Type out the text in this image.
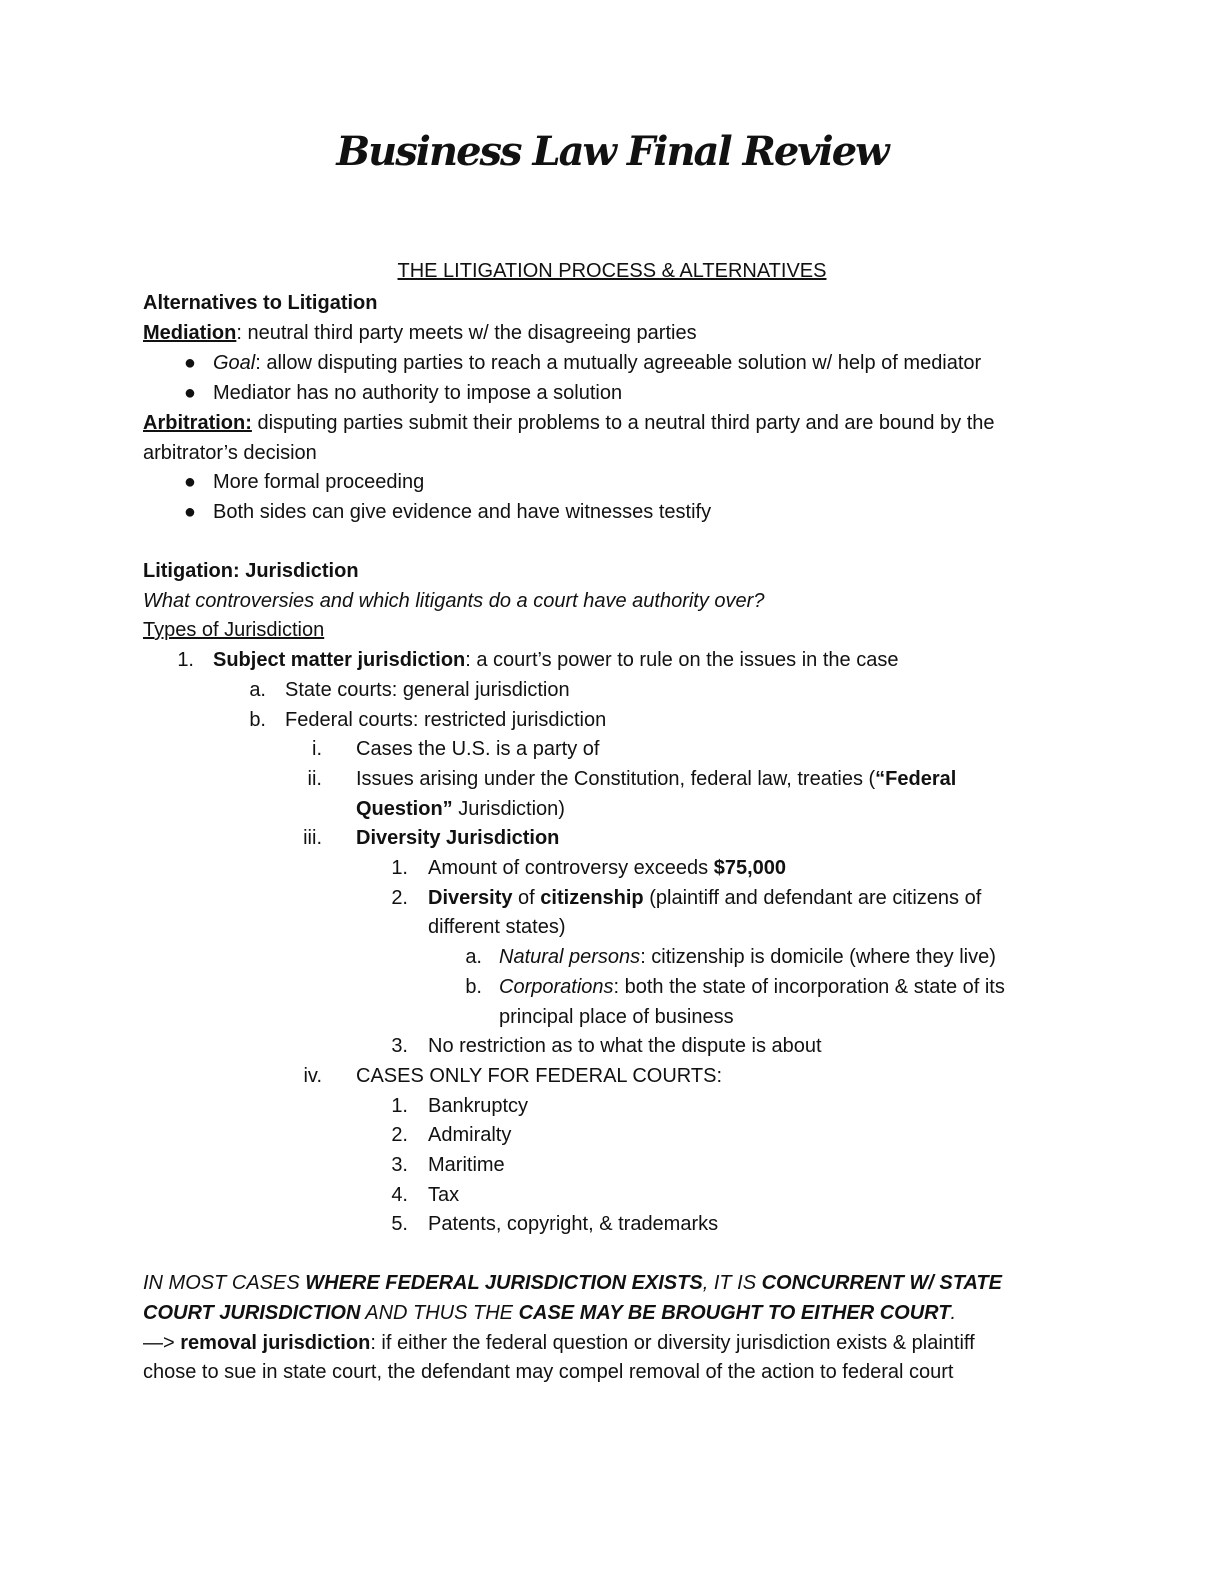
Business Law Final Review
THE LITIGATION PROCESS & ALTERNATIVES
Alternatives to Litigation
Mediation: neutral third party meets w/ the disagreeing parties
● Goal: allow disputing parties to reach a mutually agreeable solution w/ help of mediator
● Mediator has no authority to impose a solution
Arbitration: disputing parties submit their problems to a neutral third party and are bound by the
arbitrator’s decision
● More formal proceeding
● Both sides can give evidence and have witnesses testify
Litigation: Jurisdiction
What controversies and which litigants do a court have authority over?
Types of Jurisdiction
1. Subject matter jurisdiction: a court’s power to rule on the issues in the case
a. State courts: general jurisdiction
b. Federal courts: restricted jurisdiction
i. Cases the U.S. is a party of
ii. Issues arising under the Constitution, federal law, treaties (“Federal
Question” Jurisdiction)
iii. Diversity Jurisdiction
1. Amount of controversy exceeds $75,000
2. Diversity of citizenship (plaintiff and defendant are citizens of
different states)
a. Natural persons: citizenship is domicile (where they live)
b. Corporations: both the state of incorporation & state of its
principal place of business
3. No restriction as to what the dispute is about
iv. CASES ONLY FOR FEDERAL COURTS:
1. Bankruptcy
2. Admiralty
3. Maritime
4. Tax
5. Patents, copyright, & trademarks
IN MOST CASES WHERE FEDERAL JURISDICTION EXISTS, IT IS CONCURRENT W/ STATE
COURT JURISDICTION AND THUS THE CASE MAY BE BROUGHT TO EITHER COURT.
—> removal jurisdiction: if either the federal question or diversity jurisdiction exists & plaintiff
chose to sue in state court, the defendant may compel removal of the action to federal court
